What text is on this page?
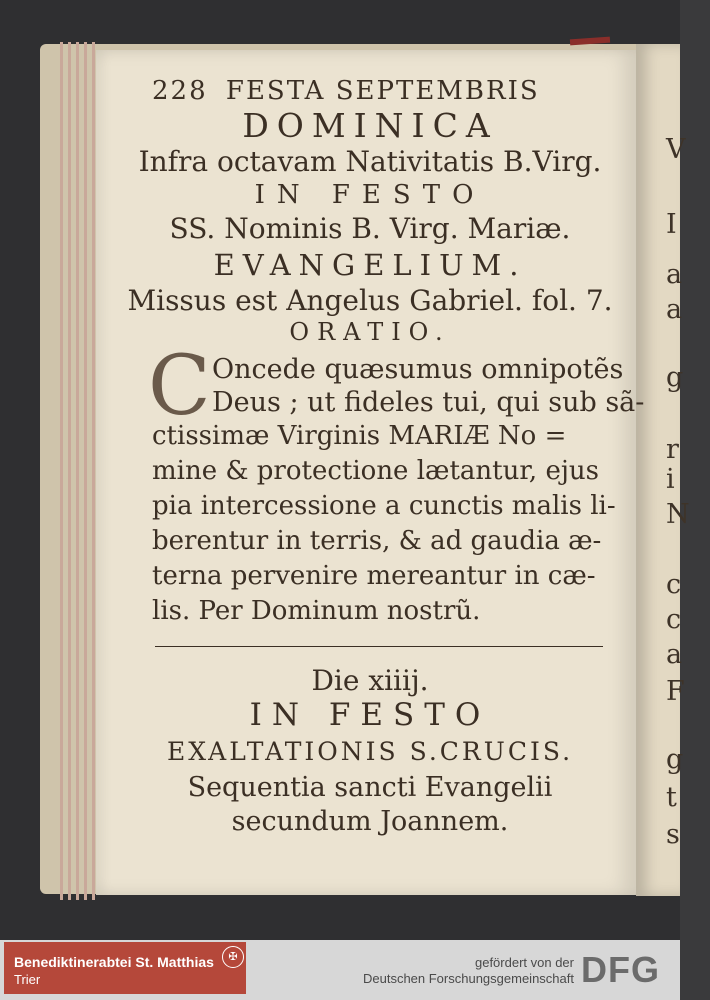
V
I
a
a
g
r
i
N
c
c
a
F
g
t
s
228 FESTA SEPTEMBRIS
DOMINICA
Infra octavam Nativitatis B.Virg.
IN FESTO
SS. Nominis B. Virg. Mariæ.
EVANGELIUM.
Missus est Angelus Gabriel. fol. 7.
ORATIO.
C Oncede quæsumus omnipotẽs
Deus ; ut fideles tui, qui sub sã-
ctissimæ Virginis MARIÆ No =
mine & protectione lætantur, ejus
pia intercessione a cunctis malis li-
berentur in terris, & ad gaudia æ-
terna pervenire mereantur in cæ-
lis. Per Dominum nostrũ.
Die xiiij.
IN FESTO
EXALTATIONIS S.CRUCIS.
Sequentia sancti Evangelii
secundum Joannem.
Benediktinerabtei St. Matthias
Trier
✠	gefördert von der
Deutschen Forschungsgemeinschaft DFG
